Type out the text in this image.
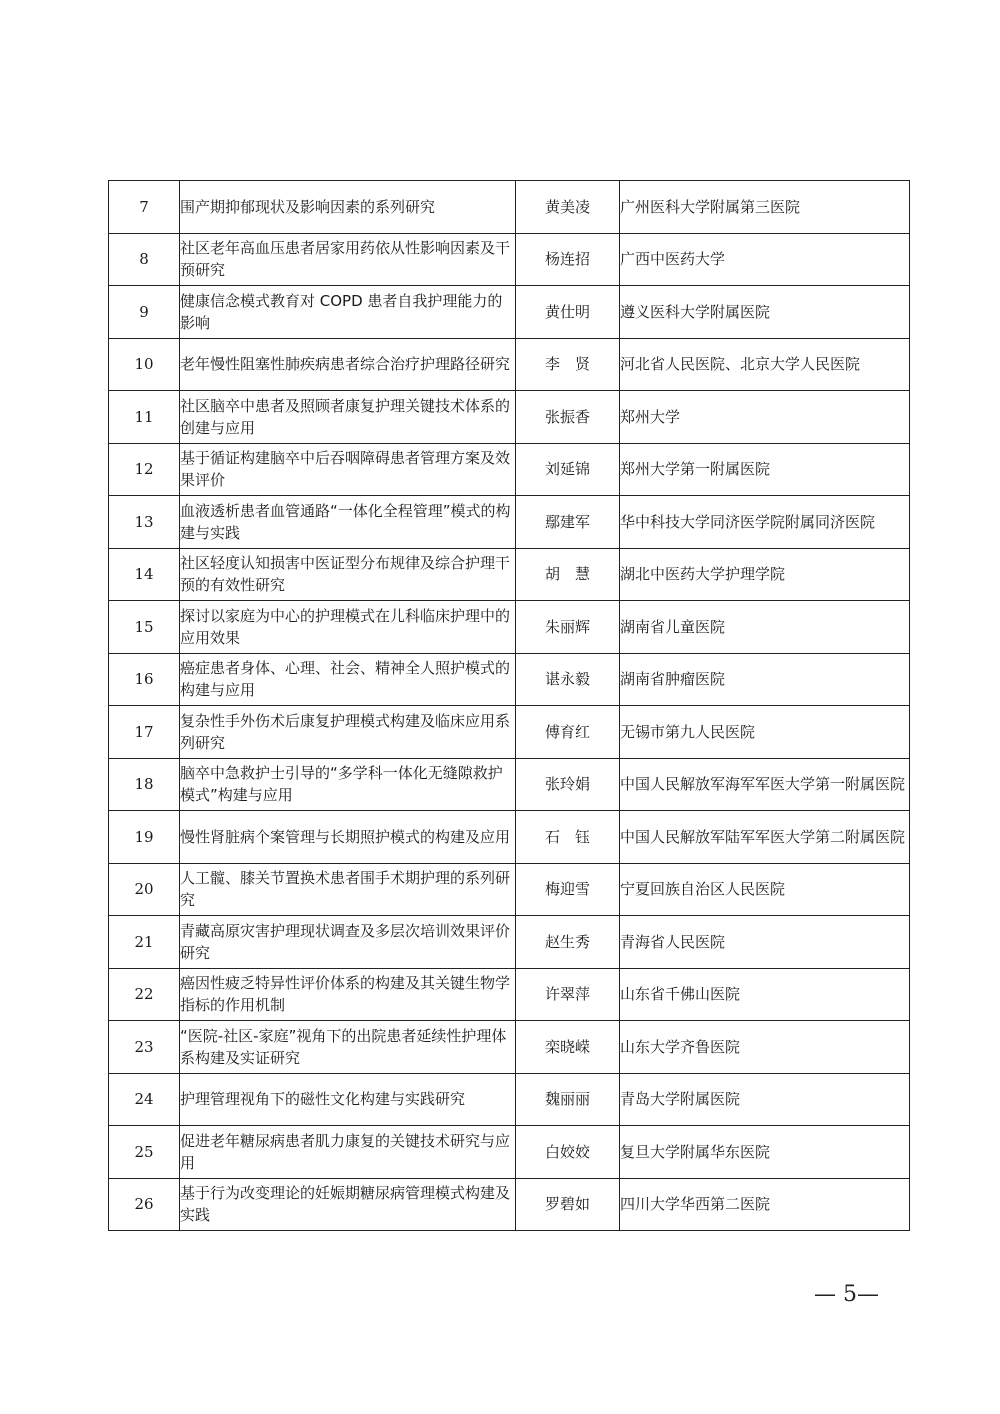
7	围产期抑郁现状及影响因素的系列研究	黄美凌	广州医科大学附属第三医院
8	社区老年高血压患者居家用药依从性影响因素及干预研究	杨连招	广西中医药大学
9	健康信念模式教育对 COPD 患者自我护理能力的影响	黄仕明	遵义医科大学附属医院
10	老年慢性阻塞性肺疾病患者综合治疗护理路径研究	李　贤	河北省人民医院、北京大学人民医院
11	社区脑卒中患者及照顾者康复护理关键技术体系的创建与应用	张振香	郑州大学
12	基于循证构建脑卒中后吞咽障碍患者管理方案及效果评价	刘延锦	郑州大学第一附属医院
13	血液透析患者血管通路“一体化全程管理”模式的构建与实践	鄢建军	华中科技大学同济医学院附属同济医院
14	社区轻度认知损害中医证型分布规律及综合护理干预的有效性研究	胡　慧	湖北中医药大学护理学院
15	探讨以家庭为中心的护理模式在儿科临床护理中的应用效果	朱丽辉	湖南省儿童医院
16	癌症患者身体、心理、社会、精神全人照护模式的构建与应用	谌永毅	湖南省肿瘤医院
17	复杂性手外伤术后康复护理模式构建及临床应用系列研究	傅育红	无锡市第九人民医院
18	脑卒中急救护士引导的“多学科一体化无缝隙救护模式”构建与应用	张玲娟	中国人民解放军海军军医大学第一附属医院
19	慢性肾脏病个案管理与长期照护模式的构建及应用	石　钰	中国人民解放军陆军军医大学第二附属医院
20	人工髋、膝关节置换术患者围手术期护理的系列研究	梅迎雪	宁夏回族自治区人民医院
21	青藏高原灾害护理现状调查及多层次培训效果评价研究	赵生秀	青海省人民医院
22	癌因性疲乏特异性评价体系的构建及其关键生物学指标的作用机制	许翠萍	山东省千佛山医院
23	“医院-社区-家庭”视角下的出院患者延续性护理体系构建及实证研究	栾晓嵘	山东大学齐鲁医院
24	护理管理视角下的磁性文化构建与实践研究	魏丽丽	青岛大学附属医院
25	促进老年糖尿病患者肌力康复的关键技术研究与应用	白姣姣	复旦大学附属华东医院
26	基于行为改变理论的妊娠期糖尿病管理模式构建及实践	罗碧如	四川大学华西第二医院
— 5—
